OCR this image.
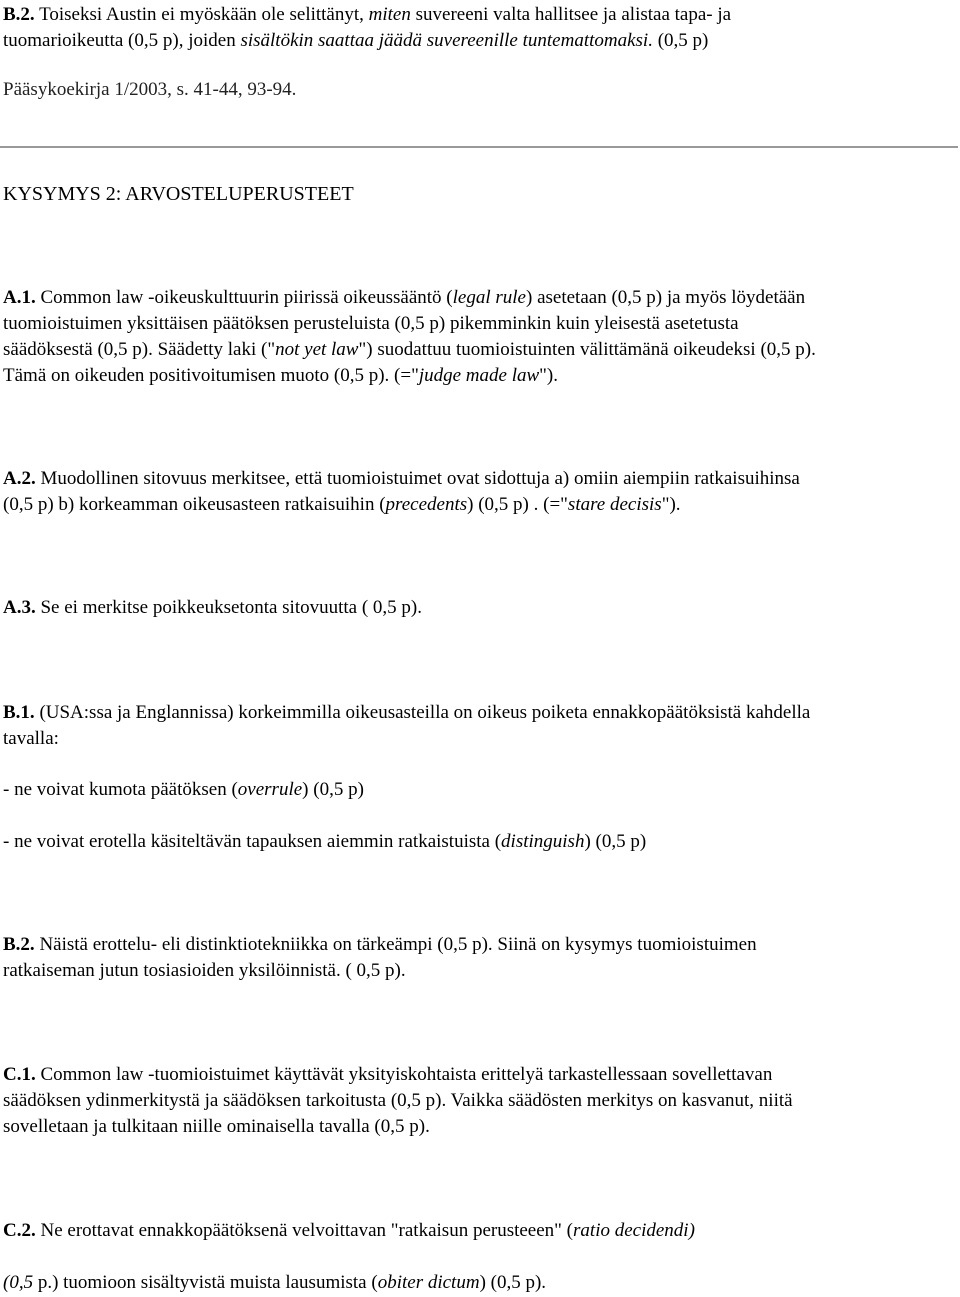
B.2. Toiseksi Austin ei myöskään ole selittänyt, miten suvereeni valta hallitsee ja alistaa tapa- ja
tuomarioikeutta (0,5 p), joiden sisältökin saattaa jäädä suvereenille tuntemattomaksi. (0,5 p)
Pääsykoekirja 1/2003, s. 41-44, 93-94.
KYSYMYS 2: ARVOSTELUPERUSTEET
A.1. Common law -oikeuskulttuurin piirissä oikeussääntö (legal rule) asetetaan (0,5 p) ja myös löydetään
tuomioistuimen yksittäisen päätöksen perusteluista (0,5 p) pikemminkin kuin yleisestä asetetusta
säädöksestä (0,5 p). Säädetty laki ("not yet law") suodattuu tuomioistuinten välittämänä oikeudeksi (0,5 p).
Tämä on oikeuden positivoitumisen muoto (0,5 p). (="judge made law").
A.2. Muodollinen sitovuus merkitsee, että tuomioistuimet ovat sidottuja a) omiin aiempiin ratkaisuihinsa
(0,5 p) b) korkeamman oikeusasteen ratkaisuihin (precedents) (0,5 p) . (="stare decisis").
A.3. Se ei merkitse poikkeuksetonta sitovuutta ( 0,5 p).
B.1. (USA:ssa ja Englannissa) korkeimmilla oikeusasteilla on oikeus poiketa ennakkopäätöksistä kahdella
tavalla:
- ne voivat kumota päätöksen (overrule) (0,5 p)
- ne voivat erotella käsiteltävän tapauksen aiemmin ratkaistuista (distinguish) (0,5 p)
B.2. Näistä erottelu- eli distinktiotekniikka on tärkeämpi (0,5 p). Siinä on kysymys tuomioistuimen
ratkaiseman jutun tosiasioiden yksilöinnistä. ( 0,5 p).
C.1. Common law -tuomioistuimet käyttävät yksityiskohtaista erittelyä tarkastellessaan sovellettavan
säädöksen ydinmerkitystä ja säädöksen tarkoitusta (0,5 p). Vaikka säädösten merkitys on kasvanut, niitä
sovelletaan ja tulkitaan niille ominaisella tavalla (0,5 p).
C.2. Ne erottavat ennakkopäätöksenä velvoittavan "ratkaisun perusteeen" (ratio decidendi)
(0,5 p.) tuomioon sisältyvistä muista lausumista (obiter dictum) (0,5 p).
